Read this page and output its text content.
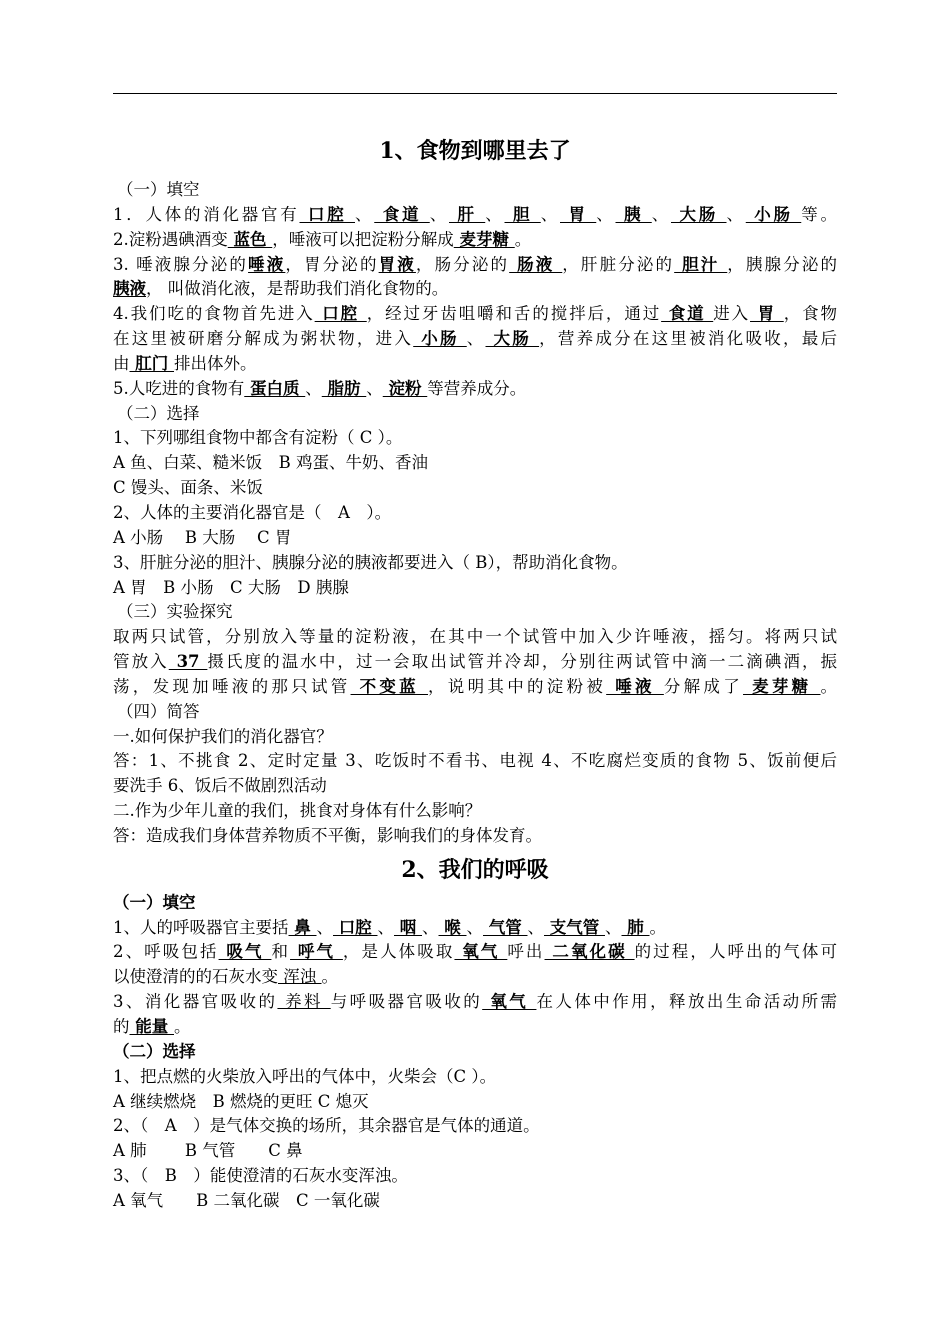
1、食物到哪里去了
（一）填空
1．人体的消化器官有 口腔 、 食道 、 肝 、 胆 、 胃 、 胰 、 大肠 、 小肠 等。
2.淀粉遇碘酒变 蓝色 ，唾液可以把淀粉分解成 麦芽糖 。
3. 唾液腺分泌的唾液，胃分泌的胃液，肠分泌的 肠液 ，肝脏分泌的 胆汁 ，胰腺分泌的
胰液， 叫做消化液，是帮助我们消化食物的。
4.我们吃的食物首先进入 口腔 ，经过牙齿咀嚼和舌的搅拌后，通过 食道 进入 胃 ，食物
在这里被研磨分解成为粥状物，进入 小肠 、 大肠 ，营养成分在这里被消化吸收，最后
由 肛门 排出体外。
5.人吃进的食物有 蛋白质 、 脂肪 、 淀粉 等营养成分。
（二）选择
1、下列哪组食物中都含有淀粉（ C ）。
A 鱼、白菜、糙米饭　B 鸡蛋、牛奶、香油
C 馒头、面条、米饭
2、人体的主要消化器官是（　A　）。
A 小肠　 B 大肠　 C 胃
3、肝脏分泌的胆汁、胰腺分泌的胰液都要进入（ B），帮助消化食物。
A 胃　B 小肠　C 大肠　D 胰腺
（三）实验探究
取两只试管，分别放入等量的淀粉液，在其中一个试管中加入少许唾液，摇匀。将两只试
管放入 37 摄氏度的温水中，过一会取出试管并冷却，分别往两试管中滴一二滴碘酒，振
荡，发现加唾液的那只试管 不变蓝 ，说明其中的淀粉被 唾液 分解成了 麦芽糖 。
（四）简答
一.如何保护我们的消化器官？
答：1、不挑食 2、定时定量 3、吃饭时不看书、电视 4、不吃腐烂变质的食物 5、饭前便后
要洗手 6、饭后不做剧烈活动
二.作为少年儿童的我们，挑食对身体有什么影响？
答：造成我们身体营养物质不平衡，影响我们的身体发育。
2、我们的呼吸
（一）填空
1、人的呼吸器官主要括 鼻 、 口腔 、 咽 、 喉 、 气管 、 支气管 、 肺 。
2、呼吸包括 吸气 和 呼气 ，是人体吸取 氧气 呼出 二氧化碳 的过程，人呼出的气体可
以使澄清的的石灰水变 浑浊 。
3、消化器官吸收的 养料 与呼吸器官吸收的 氧气 在人体中作用，释放出生命活动所需
的 能量 。
（二）选择
1、把点燃的火柴放入呼出的气体中，火柴会（C ）。
A 继续燃烧　B 燃烧的更旺 C 熄灭
2、（　A　）是气体交换的场所，其余器官是气体的通道。
A 肺　　 B 气管　　C 鼻
3、（　B　）能使澄清的石灰水变浑浊。
A 氧气　　B 二氧化碳　C 一氧化碳
